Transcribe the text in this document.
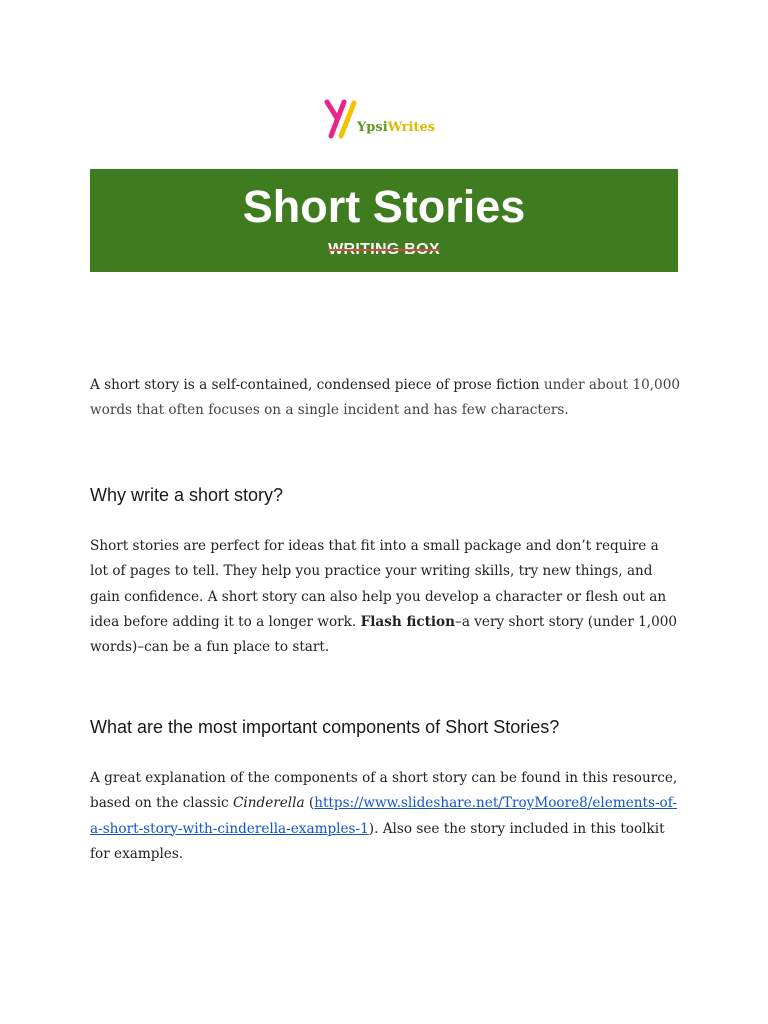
YpsiWrites
Short Stories
WRITING BOX

A short story is a self-contained, condensed piece of prose fiction under about 10,000 words that often focuses on a single incident and has few characters.

Why write a short story?

Short stories are perfect for ideas that fit into a small package and don’t require a lot of pages to tell. They help you practice your writing skills, try new things, and gain confidence. A short story can also help you develop a character or flesh out an idea before adding it to a longer work. Flash fiction–a very short story (under 1,000 words)–can be a fun place to start.

What are the most important components of Short Stories?

A great explanation of the components of a short story can be found in this resource, based on the classic Cinderella (https://www.slideshare.net/TroyMoore8/elements-of-a-short-story-with-cinderella-examples-1). Also see the story included in this toolkit for examples.
